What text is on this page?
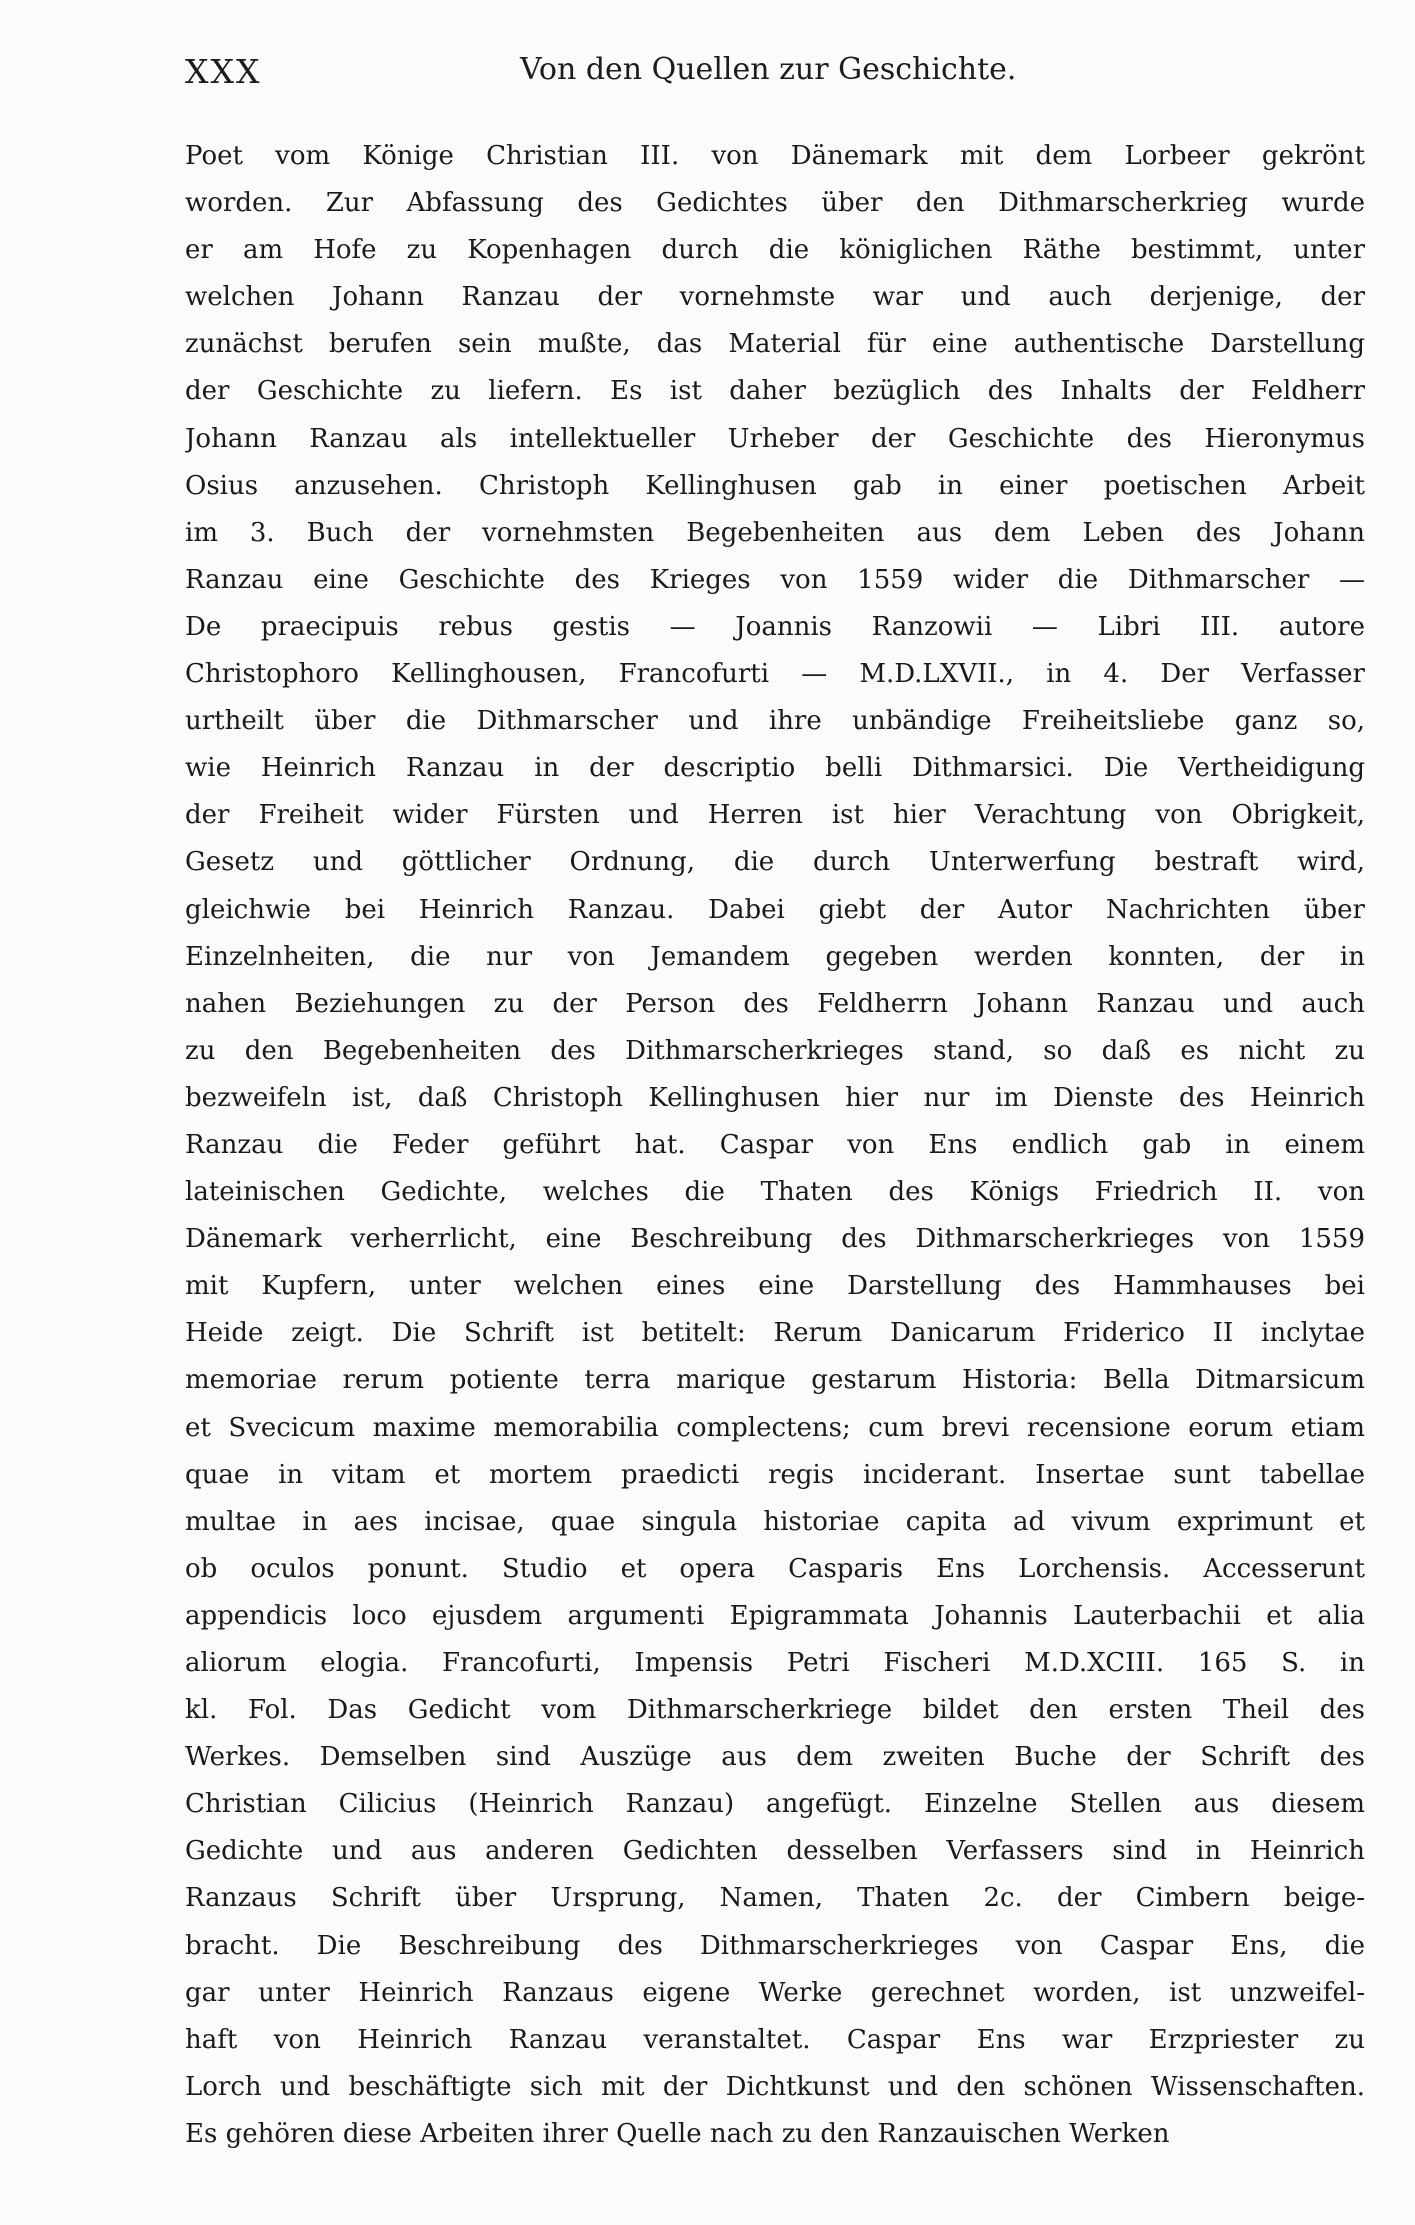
XXX	Von den Quellen zur Geschichte.
Poet vom Könige Christian III. von Dänemark mit dem Lorbeer gekrönt
worden. Zur Abfassung des Gedichtes über den Dithmarscherkrieg wurde
er am Hofe zu Kopenhagen durch die königlichen Räthe bestimmt, unter
welchen Johann Ranzau der vornehmste war und auch derjenige, der
zunächst berufen sein mußte, das Material für eine authentische Darstellung
der Geschichte zu liefern. Es ist daher bezüglich des Inhalts der Feldherr
Johann Ranzau als intellektueller Urheber der Geschichte des Hieronymus
Osius anzusehen. Christoph Kellinghusen gab in einer poetischen Arbeit
im 3. Buch der vornehmsten Begebenheiten aus dem Leben des Johann
Ranzau eine Geschichte des Krieges von 1559 wider die Dithmarscher —
De praecipuis rebus gestis — Joannis Ranzowii — Libri III. autore
Christophoro Kellinghousen, Francofurti — M.D.LXVII., in 4. Der Verfasser
urtheilt über die Dithmarscher und ihre unbändige Freiheitsliebe ganz so,
wie Heinrich Ranzau in der descriptio belli Dithmarsici. Die Vertheidigung
der Freiheit wider Fürsten und Herren ist hier Verachtung von Obrigkeit,
Gesetz und göttlicher Ordnung, die durch Unterwerfung bestraft wird,
gleichwie bei Heinrich Ranzau. Dabei giebt der Autor Nachrichten über
Einzelnheiten, die nur von Jemandem gegeben werden konnten, der in
nahen Beziehungen zu der Person des Feldherrn Johann Ranzau und auch
zu den Begebenheiten des Dithmarscherkrieges stand, so daß es nicht zu
bezweifeln ist, daß Christoph Kellinghusen hier nur im Dienste des Heinrich
Ranzau die Feder geführt hat. Caspar von Ens endlich gab in einem
lateinischen Gedichte, welches die Thaten des Königs Friedrich II. von
Dänemark verherrlicht, eine Beschreibung des Dithmarscherkrieges von 1559
mit Kupfern, unter welchen eines eine Darstellung des Hammhauses bei
Heide zeigt. Die Schrift ist betitelt: Rerum Danicarum Friderico II inclytae
memoriae rerum potiente terra marique gestarum Historia: Bella Ditmarsicum
et Svecicum maxime memorabilia complectens; cum brevi recensione eorum etiam
quae in vitam et mortem praedicti regis inciderant. Insertae sunt tabellae
multae in aes incisae, quae singula historiae capita ad vivum exprimunt et
ob oculos ponunt. Studio et opera Casparis Ens Lorchensis. Accesserunt
appendicis loco ejusdem argumenti Epigrammata Johannis Lauterbachii et alia
aliorum elogia. Francofurti, Impensis Petri Fischeri M.D.XCIII. 165 S. in
kl. Fol. Das Gedicht vom Dithmarscherkriege bildet den ersten Theil des
Werkes. Demselben sind Auszüge aus dem zweiten Buche der Schrift des
Christian Cilicius (Heinrich Ranzau) angefügt. Einzelne Stellen aus diesem
Gedichte und aus anderen Gedichten desselben Verfassers sind in Heinrich
Ranzaus Schrift über Ursprung, Namen, Thaten 2c. der Cimbern beige-
bracht. Die Beschreibung des Dithmarscherkrieges von Caspar Ens, die
gar unter Heinrich Ranzaus eigene Werke gerechnet worden, ist unzweifel-
haft von Heinrich Ranzau veranstaltet. Caspar Ens war Erzpriester zu
Lorch und beschäftigte sich mit der Dichtkunst und den schönen Wissenschaften.
Es gehören diese Arbeiten ihrer Quelle nach zu den Ranzauischen Werken
